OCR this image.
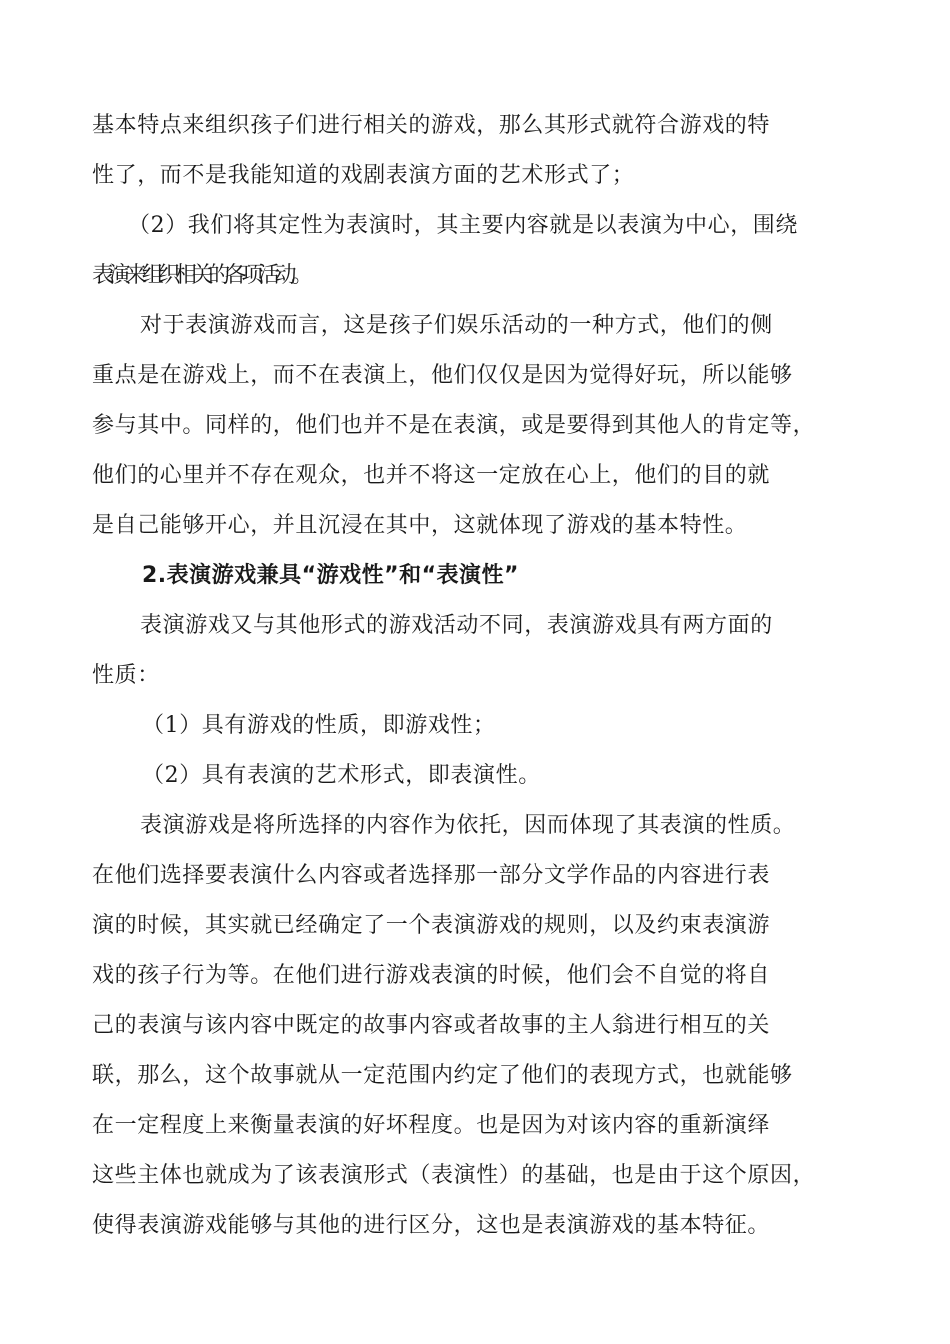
基本特点来组织孩子们进行相关的游戏，那么其形式就符合游戏的特
性了，而不是我能知道的戏剧表演方面的艺术形式了；
（2）我们将其定性为表演时，其主要内容就是以表演为中心，围绕
表演来组织相关的各项活动。
对于表演游戏而言，这是孩子们娱乐活动的一种方式，他们的侧
重点是在游戏上，而不在表演上，他们仅仅是因为觉得好玩，所以能够
参与其中。同样的，他们也并不是在表演，或是要得到其他人的肯定等，
他们的心里并不存在观众，也并不将这一定放在心上，他们的目的就
是自己能够开心，并且沉浸在其中，这就体现了游戏的基本特性。

2.表演游戏兼具“游戏性”和“表演性”

表演游戏又与其他形式的游戏活动不同，表演游戏具有两方面的
性质：
（1）具有游戏的性质，即游戏性；
（2）具有表演的艺术形式，即表演性。
表演游戏是将所选择的内容作为依托，因而体现了其表演的性质。
在他们选择要表演什么内容或者选择那一部分文学作品的内容进行表
演的时候，其实就已经确定了一个表演游戏的规则，以及约束表演游
戏的孩子行为等。在他们进行游戏表演的时候，他们会不自觉的将自
己的表演与该内容中既定的故事内容或者故事的主人翁进行相互的关
联，那么，这个故事就从一定范围内约定了他们的表现方式，也就能够
在一定程度上来衡量表演的好坏程度。也是因为对该内容的重新演绎
这些主体也就成为了该表演形式（表演性）的基础，也是由于这个原因，
使得表演游戏能够与其他的进行区分，这也是表演游戏的基本特征。
